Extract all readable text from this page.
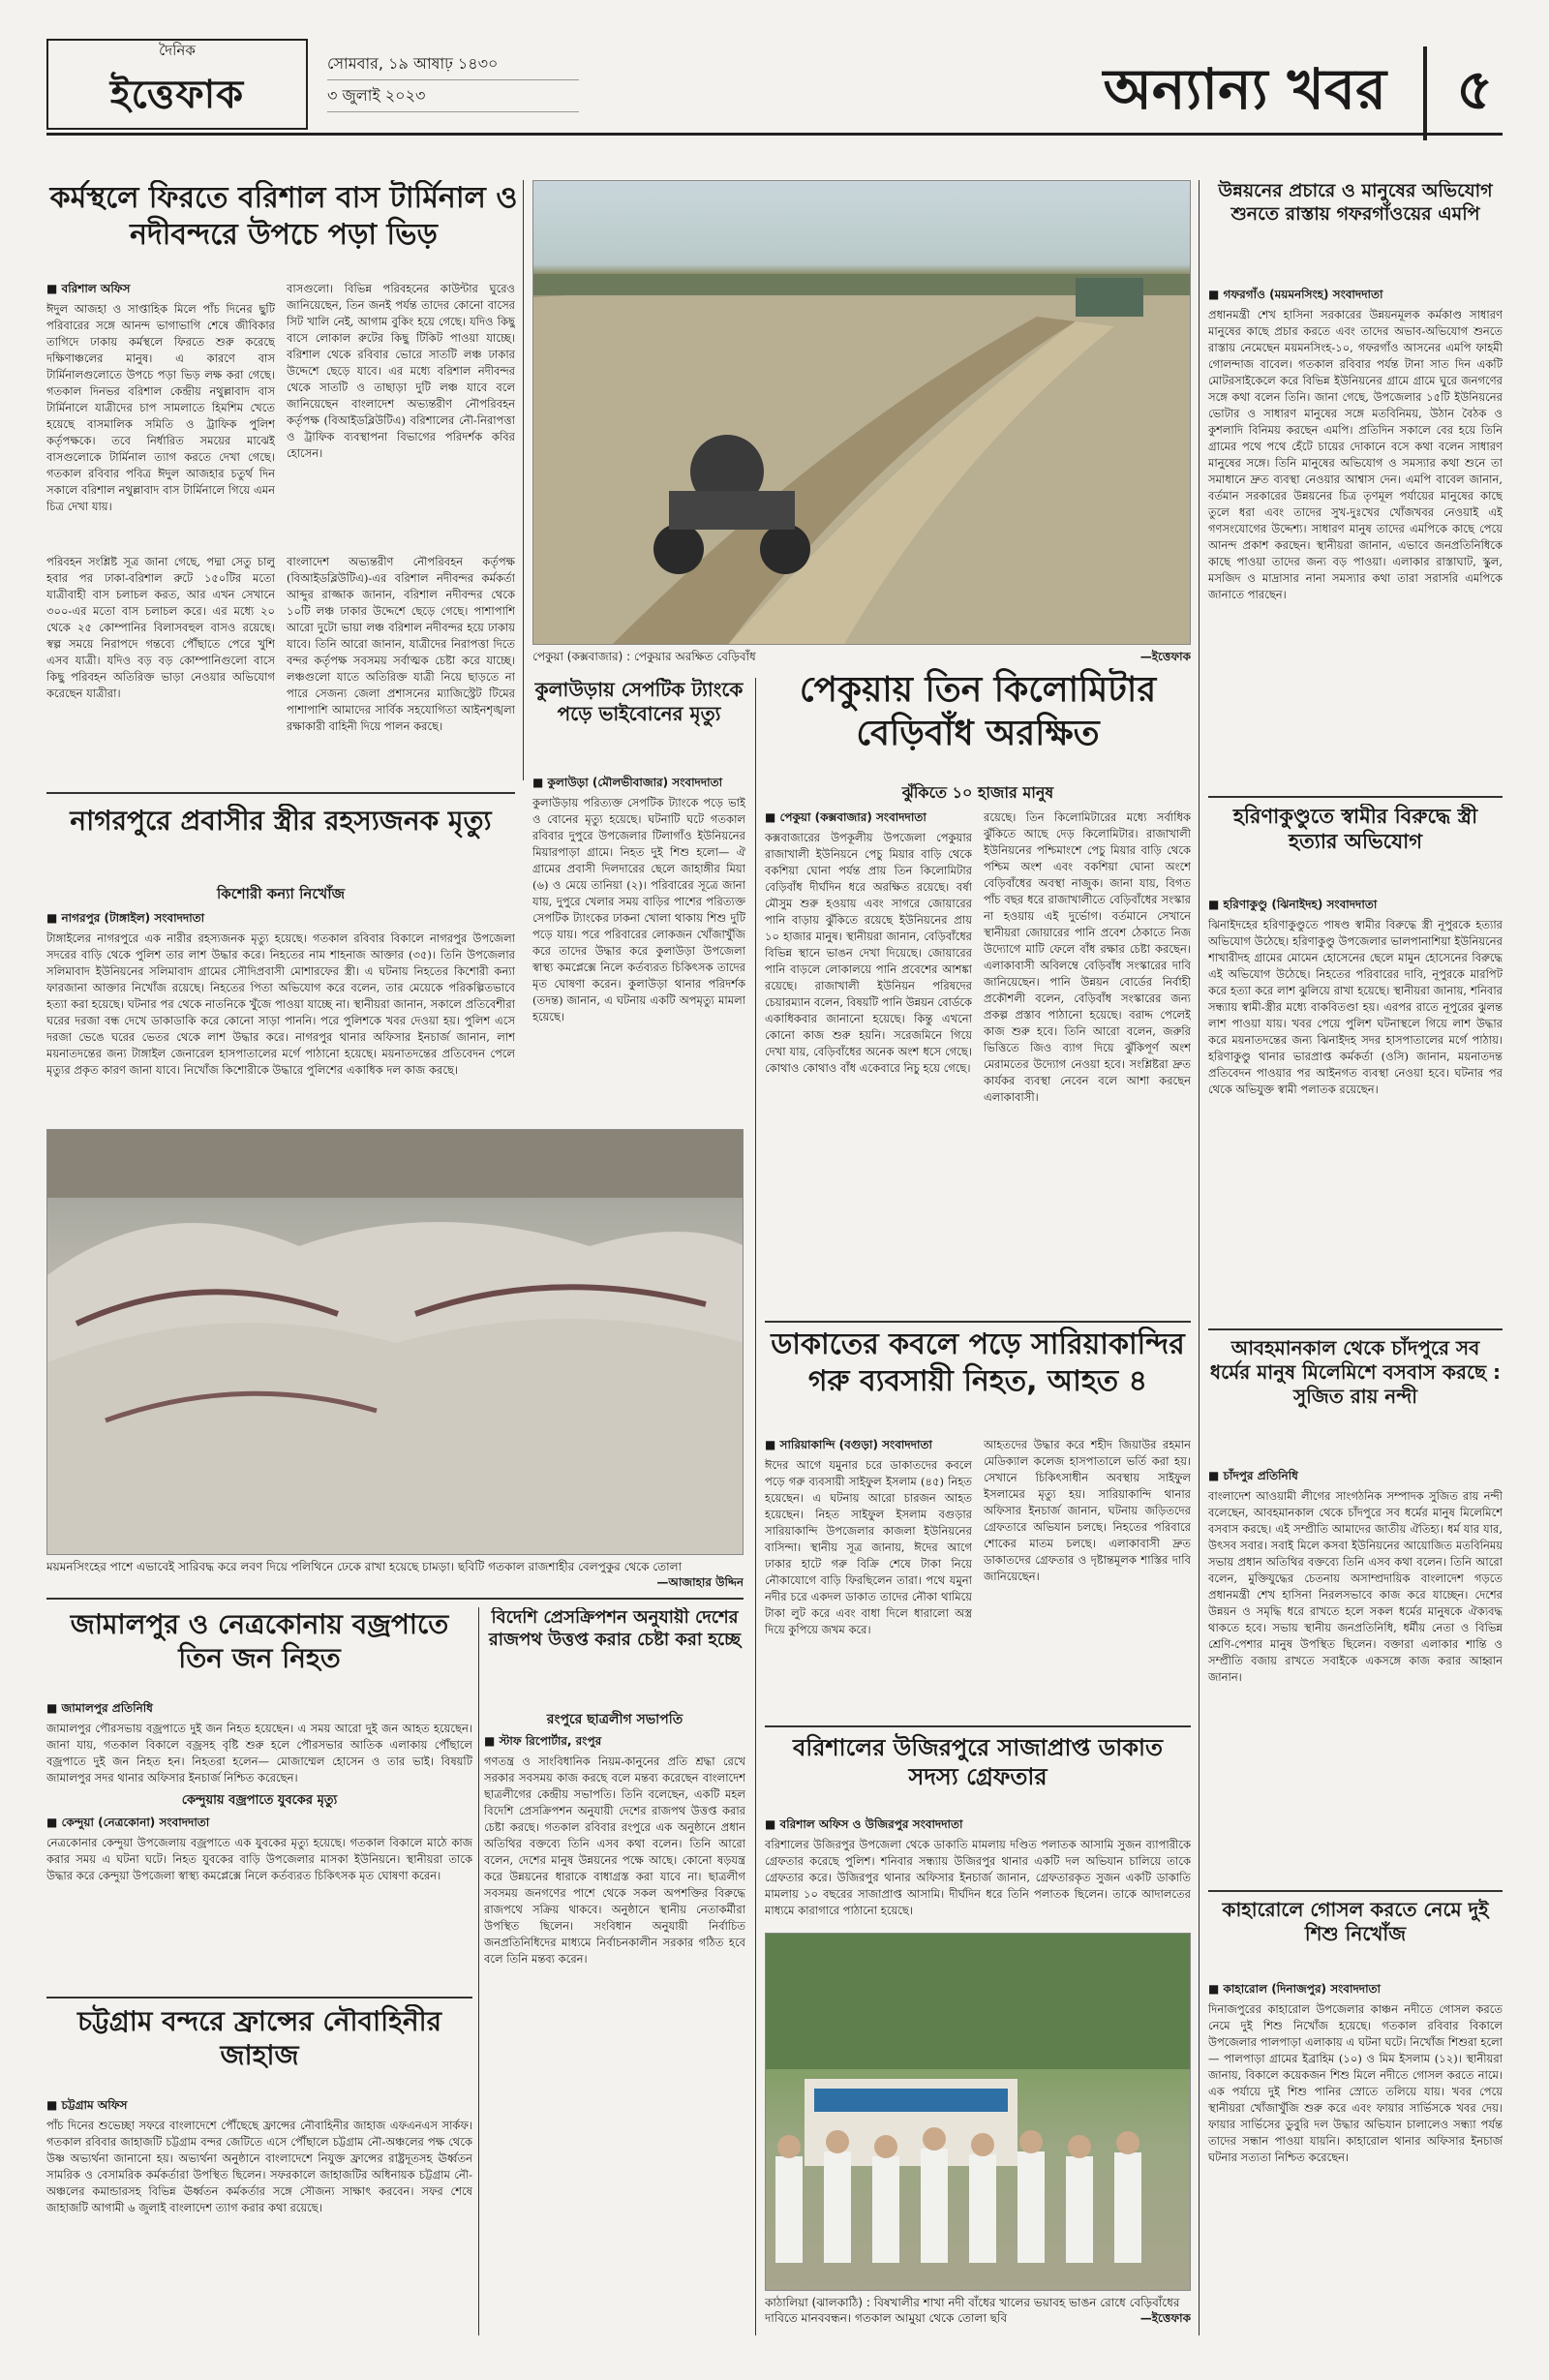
দৈনিক
ইত্তেফাক
সোমবার, ১৯ আষাঢ় ১৪৩০
৩ জুলাই ২০২৩	অন্যান্য খবর	৫
কর্মস্থলে ফিরতে বরিশাল বাস টার্মিনাল ও নদীবন্দরে উপচে পড়া ভিড়
■ বরিশাল অফিস

ঈদুল আজহা ও সাপ্তাহিক মিলে পাঁচ দিনের ছুটি পরিবারের সঙ্গে আনন্দ ভাগাভাগি শেষে জীবিকার তাগিদে ঢাকায় কর্মস্থলে ফিরতে শুরু করেছে দক্ষিণাঞ্চলের মানুষ। এ কারণে বাস টার্মিনালগুলোতে উপচে পড়া ভিড় লক্ষ করা গেছে। গতকাল দিনভর বরিশাল কেন্দ্রীয় নথুল্লাবাদ বাস টার্মিনালে যাত্রীদের চাপ সামলাতে হিমশিম খেতে হয়েছে বাসমালিক সমিতি ও ট্রাফিক পুলিশ কর্তৃপক্ষকে। তবে নির্ধারিত সময়ের মাঝেই বাসগুলোকে টার্মিনাল ত্যাগ করতে দেখা গেছে। গতকাল রবিবার পবিত্র ঈদুল আজহার চতুর্থ দিন সকালে বরিশাল নথুল্লাবাদ বাস টার্মিনালে গিয়ে এমন চিত্র দেখা যায়।

বাসগুলো। বিভিন্ন পরিবহনের কাউন্টার ঘুরেও জানিয়েছেন, তিন জনই পর্যন্ত তাদের কোনো বাসের সিট খালি নেই, আগাম বুকিং হয়ে গেছে। যদিও কিছু বাসে লোকাল রুটের কিছু টিকিট পাওয়া যাচ্ছে। বরিশাল থেকে রবিবার ভোরে সাতটি লঞ্চ ঢাকার উদ্দেশে ছেড়ে যাবে। এর মধ্যে বরিশাল নদীবন্দর থেকে সাতটি ও তাছাড়া দুটি লঞ্চ যাবে বলে জানিয়েছেন বাংলাদেশ অভ্যন্তরীণ নৌপরিবহন কর্তৃপক্ষ (বিআইডব্লিউটিএ) বরিশালের নৌ-নিরাপত্তা ও ট্রাফিক ব্যবস্থাপনা বিভাগের পরিদর্শক কবির হোসেন।

পরিবহন সংশ্লিষ্ট সূত্র জানা গেছে, পদ্মা সেতু চালু হবার পর ঢাকা-বরিশাল রুটে ১৫০টির মতো যাত্রীবাহী বাস চলাচল করত, আর এখন সেখানে ৩০০-এর মতো বাস চলাচল করে। এর মধ্যে ২০ থেকে ২৫ কোম্পানির বিলাসবহুল বাসও রয়েছে। স্বল্প সময়ে নিরাপদে গন্তব্যে পৌঁছাতে পেরে খুশি এসব যাত্রী। যদিও বড় বড় কোম্পানিগুলো বাসে কিছু পরিবহন অতিরিক্ত ভাড়া নেওয়ার অভিযোগ করেছেন যাত্রীরা।

বাংলাদেশ অভ্যন্তরীণ নৌপরিবহন কর্তৃপক্ষ (বিআইডব্লিউটিএ)-এর বরিশাল নদীবন্দর কর্মকর্তা আব্দুর রাজ্জাক জানান, বরিশাল নদীবন্দর থেকে ১০টি লঞ্চ ঢাকার উদ্দেশে ছেড়ে গেছে। পাশাপাশি আরো দুটো ভায়া লঞ্চ বরিশাল নদীবন্দর হয়ে ঢাকায় যাবে। তিনি আরো জানান, যাত্রীদের নিরাপত্তা দিতে বন্দর কর্তৃপক্ষ সবসময় সর্বাত্মক চেষ্টা করে যাচ্ছে। লঞ্চগুলো যাতে অতিরিক্ত যাত্রী নিয়ে ছাড়তে না পারে সেজন্য জেলা প্রশাসনের ম্যাজিস্ট্রেট টিমের পাশাপাশি আমাদের সার্বিক সহযোগিতা আইনশৃঙ্খলা রক্ষাকারী বাহিনী দিয়ে পালন করছে।

পেকুয়া (কক্সবাজার) : পেকুয়ার অরক্ষিত বেড়িবাঁধ	—ইত্তেফাক
উন্নয়নের প্রচারে ও মানুষের অভিযোগ শুনতে রাস্তায় গফরগাঁওয়ের এমপি
■ গফরগাঁও (ময়মনসিংহ) সংবাদদাতা

প্রধানমন্ত্রী শেখ হাসিনা সরকারের উন্নয়নমূলক কর্মকাণ্ড সাধারণ মানুষের কাছে প্রচার করতে এবং তাদের অভাব-অভিযোগ শুনতে রাস্তায় নেমেছেন ময়মনসিংহ-১০, গফরগাঁও আসনের এমপি ফাহমী গোলন্দাজ বাবেল। গতকাল রবিবার পর্যন্ত টানা সাত দিন একটি মোটরসাইকেলে করে বিভিন্ন ইউনিয়নের গ্রামে গ্রামে ঘুরে জনগণের সঙ্গে কথা বলেন তিনি। জানা গেছে, উপজেলার ১৫টি ইউনিয়নের ভোটার ও সাধারণ মানুষের সঙ্গে মতবিনিময়, উঠান বৈঠক ও কুশলাদি বিনিময় করছেন এমপি। প্রতিদিন সকালে বের হয়ে তিনি গ্রামের পথে পথে হেঁটে চায়ের দোকানে বসে কথা বলেন সাধারণ মানুষের সঙ্গে। তিনি মানুষের অভিযোগ ও সমস্যার কথা শুনে তা সমাধানে দ্রুত ব্যবস্থা নেওয়ার আশ্বাস দেন। এমপি বাবেল জানান, বর্তমান সরকারের উন্নয়নের চিত্র তৃণমূল পর্যায়ের মানুষের কাছে তুলে ধরা এবং তাদের সুখ-দুঃখের খোঁজখবর নেওয়াই এই গণসংযোগের উদ্দেশ্য। সাধারণ মানুষ তাদের এমপিকে কাছে পেয়ে আনন্দ প্রকাশ করছেন। স্থানীয়রা জানান, এভাবে জনপ্রতিনিধিকে কাছে পাওয়া তাদের জন্য বড় পাওয়া। এলাকার রাস্তাঘাট, স্কুল, মসজিদ ও মাদ্রাসার নানা সমস্যার কথা তারা সরাসরি এমপিকে জানাতে পারছেন।

কুলাউড়ায় সেপটিক ট্যাংকে পড়ে ভাইবোনের মৃত্যু
■ কুলাউড়া (মৌলভীবাজার) সংবাদদাতা

কুলাউড়ায় পরিত্যক্ত সেপটিক ট্যাংকে পড়ে ভাই ও বোনের মৃত্যু হয়েছে। ঘটনাটি ঘটে গতকাল রবিবার দুপুরে উপজেলার টিলাগাঁও ইউনিয়নের মিয়ারপাড়া গ্রামে। নিহত দুই শিশু হলো— ঐ গ্রামের প্রবাসী দিলদারের ছেলে জাহাঙ্গীর মিয়া (৬) ও মেয়ে তানিয়া (২)। পরিবারের সূত্রে জানা যায়, দুপুরে খেলার সময় বাড়ির পাশের পরিত্যক্ত সেপটিক ট্যাংকের ঢাকনা খোলা থাকায় শিশু দুটি পড়ে যায়। পরে পরিবারের লোকজন খোঁজাখুঁজি করে তাদের উদ্ধার করে কুলাউড়া উপজেলা স্বাস্থ্য কমপ্লেক্সে নিলে কর্তব্যরত চিকিৎসক তাদের মৃত ঘোষণা করেন। কুলাউড়া থানার পরিদর্শক (তদন্ত) জানান, এ ঘটনায় একটি অপমৃত্যু মামলা হয়েছে।

পেকুয়ায় তিন কিলোমিটার বেড়িবাঁধ অরক্ষিত
ঝুঁকিতে ১০ হাজার মানুষ
■ পেকুয়া (কক্সবাজার) সংবাদদাতা

কক্সবাজারের উপকূলীয় উপজেলা পেকুয়ার রাজাখালী ইউনিয়নে পেচু মিয়ার বাড়ি থেকে বকশিয়া ঘোনা পর্যন্ত প্রায় তিন কিলোমিটার বেড়িবাঁধ দীর্ঘদিন ধরে অরক্ষিত রয়েছে। বর্ষা মৌসুম শুরু হওয়ায় এবং সাগরে জোয়ারের পানি বাড়ায় ঝুঁকিতে রয়েছে ইউনিয়নের প্রায় ১০ হাজার মানুষ। স্থানীয়রা জানান, বেড়িবাঁধের বিভিন্ন স্থানে ভাঙন দেখা দিয়েছে। জোয়ারের পানি বাড়লে লোকালয়ে পানি প্রবেশের আশঙ্কা রয়েছে। রাজাখালী ইউনিয়ন পরিষদের চেয়ারম্যান বলেন, বিষয়টি পানি উন্নয়ন বোর্ডকে একাধিকবার জানানো হয়েছে। কিন্তু এখনো কোনো কাজ শুরু হয়নি। সরেজমিনে গিয়ে দেখা যায়, বেড়িবাঁধের অনেক অংশ ধসে গেছে। কোথাও কোথাও বাঁধ একেবারে নিচু হয়ে গেছে।

রয়েছে। তিন কিলোমিটারের মধ্যে সর্বাধিক ঝুঁকিতে আছে দেড় কিলোমিটার। রাজাখালী ইউনিয়নের পশ্চিমাংশে পেচু মিয়ার বাড়ি থেকে পশ্চিম অংশ এবং বকশিয়া ঘোনা অংশে বেড়িবাঁধের অবস্থা নাজুক। জানা যায়, বিগত পাঁচ বছর ধরে রাজাখালীতে বেড়িবাঁধের সংস্কার না হওয়ায় এই দুর্ভোগ। বর্তমানে সেখানে স্থানীয়রা জোয়ারের পানি প্রবেশ ঠেকাতে নিজ উদ্যোগে মাটি ফেলে বাঁধ রক্ষার চেষ্টা করছেন। এলাকাবাসী অবিলম্বে বেড়িবাঁধ সংস্কারের দাবি জানিয়েছেন। পানি উন্নয়ন বোর্ডের নির্বাহী প্রকৌশলী বলেন, বেড়িবাঁধ সংস্কারের জন্য প্রকল্প প্রস্তাব পাঠানো হয়েছে। বরাদ্দ পেলেই কাজ শুরু হবে। তিনি আরো বলেন, জরুরি ভিত্তিতে জিও ব্যাগ দিয়ে ঝুঁকিপূর্ণ অংশ মেরামতের উদ্যোগ নেওয়া হবে। সংশ্লিষ্টরা দ্রুত কার্যকর ব্যবস্থা নেবেন বলে আশা করছেন এলাকাবাসী।

হরিণাকুণ্ডুতে স্বামীর বিরুদ্ধে স্ত্রী হত্যার অভিযোগ
■ হরিণাকুণ্ডু (ঝিনাইদহ) সংবাদদাতা

ঝিনাইদহের হরিণাকুণ্ডুতে পাষণ্ড স্বামীর বিরুদ্ধে স্ত্রী নূপুরকে হত্যার অভিযোগ উঠেছে। হরিণাকুণ্ডু উপজেলার ভালপানাশিয়া ইউনিয়নের শাখারীদহ গ্রামের মোমেন হোসেনের ছেলে মামুন হোসেনের বিরুদ্ধে এই অভিযোগ উঠেছে। নিহতের পরিবারের দাবি, নূপুরকে মারপিট করে হত্যা করে লাশ ঝুলিয়ে রাখা হয়েছে। স্থানীয়রা জানায়, শনিবার সন্ধ্যায় স্বামী-স্ত্রীর মধ্যে বাকবিতণ্ডা হয়। এরপর রাতে নূপুরের ঝুলন্ত লাশ পাওয়া যায়। খবর পেয়ে পুলিশ ঘটনাস্থলে গিয়ে লাশ উদ্ধার করে ময়নাতদন্তের জন্য ঝিনাইদহ সদর হাসপাতালের মর্গে পাঠায়। হরিণাকুণ্ডু থানার ভারপ্রাপ্ত কর্মকর্তা (ওসি) জানান, ময়নাতদন্ত প্রতিবেদন পাওয়ার পর আইনগত ব্যবস্থা নেওয়া হবে। ঘটনার পর থেকে অভিযুক্ত স্বামী পলাতক রয়েছেন।

নাগরপুরে প্রবাসীর স্ত্রীর রহস্যজনক মৃত্যু
কিশোরী কন্যা নিখোঁজ
■ নাগরপুর (টাঙ্গাইল) সংবাদদাতা

টাঙ্গাইলের নাগরপুরে এক নারীর রহস্যজনক মৃত্যু হয়েছে। গতকাল রবিবার বিকালে নাগরপুর উপজেলা সদরের বাড়ি থেকে পুলিশ তার লাশ উদ্ধার করে। নিহতের নাম শাহনাজ আক্তার (৩৫)। তিনি উপজেলার সলিমাবাদ ইউনিয়নের সলিমাবাদ গ্রামের সৌদিপ্রবাসী মোশারফের স্ত্রী। এ ঘটনায় নিহতের কিশোরী কন্যা ফারজানা আক্তার নিখোঁজ রয়েছে। নিহতের পিতা অভিযোগ করে বলেন, তার মেয়েকে পরিকল্পিতভাবে হত্যা করা হয়েছে। ঘটনার পর থেকে নাতনিকে খুঁজে পাওয়া যাচ্ছে না। স্থানীয়রা জানান, সকালে প্রতিবেশীরা ঘরের দরজা বন্ধ দেখে ডাকাডাকি করে কোনো সাড়া পাননি। পরে পুলিশকে খবর দেওয়া হয়। পুলিশ এসে দরজা ভেঙে ঘরের ভেতর থেকে লাশ উদ্ধার করে। নাগরপুর থানার অফিসার ইনচার্জ জানান, লাশ ময়নাতদন্তের জন্য টাঙ্গাইল জেনারেল হাসপাতালের মর্গে পাঠানো হয়েছে। ময়নাতদন্তের প্রতিবেদন পেলে মৃত্যুর প্রকৃত কারণ জানা যাবে। নিখোঁজ কিশোরীকে উদ্ধারে পুলিশের একাধিক দল কাজ করছে।

ময়মনসিংহের পাশে এভাবেই সারিবদ্ধ করে লবণ দিয়ে পলিথিনে ঢেকে রাখা হয়েছে চামড়া। ছবিটি গতকাল রাজশাহীর বেলপুকুর থেকে তোলা
—আজাহার উদ্দিন
ডাকাতের কবলে পড়ে সারিয়াকান্দির গরু ব্যবসায়ী নিহত, আহত ৪
■ সারিয়াকান্দি (বগুড়া) সংবাদদাতা

ঈদের আগে যমুনার চরে ডাকাতদের কবলে পড়ে গরু ব্যবসায়ী সাইফুল ইসলাম (৪৫) নিহত হয়েছেন। এ ঘটনায় আরো চারজন আহত হয়েছেন। নিহত সাইফুল ইসলাম বগুড়ার সারিয়াকান্দি উপজেলার কাজলা ইউনিয়নের বাসিন্দা। স্থানীয় সূত্র জানায়, ঈদের আগে ঢাকার হাটে গরু বিক্রি শেষে টাকা নিয়ে নৌকাযোগে বাড়ি ফিরছিলেন তারা। পথে যমুনা নদীর চরে একদল ডাকাত তাদের নৌকা থামিয়ে টাকা লুট করে এবং বাধা দিলে ধারালো অস্ত্র দিয়ে কুপিয়ে জখম করে।

আহতদের উদ্ধার করে শহীদ জিয়াউর রহমান মেডিক্যাল কলেজ হাসপাতালে ভর্তি করা হয়। সেখানে চিকিৎসাধীন অবস্থায় সাইফুল ইসলামের মৃত্যু হয়। সারিয়াকান্দি থানার অফিসার ইনচার্জ জানান, ঘটনায় জড়িতদের গ্রেফতারে অভিযান চলছে। নিহতের পরিবারে শোকের মাতম চলছে। এলাকাবাসী দ্রুত ডাকাতদের গ্রেফতার ও দৃষ্টান্তমূলক শাস্তির দাবি জানিয়েছেন।

আবহমানকাল থেকে চাঁদপুরে সব ধর্মের মানুষ মিলেমিশে বসবাস করছে : সুজিত রায় নন্দী
■ চাঁদপুর প্রতিনিধি

বাংলাদেশ আওয়ামী লীগের সাংগঠনিক সম্পাদক সুজিত রায় নন্দী বলেছেন, আবহমানকাল থেকে চাঁদপুরে সব ধর্মের মানুষ মিলেমিশে বসবাস করছে। এই সম্প্রীতি আমাদের জাতীয় ঐতিহ্য। ধর্ম যার যার, উৎসব সবার। সবাই মিলে কসবা ইউনিয়নের আয়োজিত মতবিনিময় সভায় প্রধান অতিথির বক্তব্যে তিনি এসব কথা বলেন। তিনি আরো বলেন, মুক্তিযুদ্ধের চেতনায় অসাম্প্রদায়িক বাংলাদেশ গড়তে প্রধানমন্ত্রী শেখ হাসিনা নিরলসভাবে কাজ করে যাচ্ছেন। দেশের উন্নয়ন ও সমৃদ্ধি ধরে রাখতে হলে সকল ধর্মের মানুষকে ঐক্যবদ্ধ থাকতে হবে। সভায় স্থানীয় জনপ্রতিনিধি, ধর্মীয় নেতা ও বিভিন্ন শ্রেণি-পেশার মানুষ উপস্থিত ছিলেন। বক্তারা এলাকার শান্তি ও সম্প্রীতি বজায় রাখতে সবাইকে একসঙ্গে কাজ করার আহ্বান জানান।

জামালপুর ও নেত্রকোনায় বজ্রপাতে তিন জন নিহত
■ জামালপুর প্রতিনিধি

জামালপুর পৌরসভায় বজ্রপাতে দুই জন নিহত হয়েছেন। এ সময় আরো দুই জন আহত হয়েছেন। জানা যায়, গতকাল বিকালে বজ্রসহ বৃষ্টি শুরু হলে পৌরসভার আতিক এলাকায় পৌঁছালে বজ্রপাতে দুই জন নিহত হন। নিহতরা হলেন— মোজাম্মেল হোসেন ও তার ভাই। বিষয়টি জামালপুর সদর থানার অফিসার ইনচার্জ নিশ্চিত করেছেন।

কেন্দুয়ায় বজ্রপাতে যুবকের মৃত্যু
■ কেন্দুয়া (নেত্রকোনা) সংবাদদাতা

নেত্রকোনার কেন্দুয়া উপজেলায় বজ্রপাতে এক যুবকের মৃত্যু হয়েছে। গতকাল বিকালে মাঠে কাজ করার সময় এ ঘটনা ঘটে। নিহত যুবকের বাড়ি উপজেলার মাসকা ইউনিয়নে। স্থানীয়রা তাকে উদ্ধার করে কেন্দুয়া উপজেলা স্বাস্থ্য কমপ্লেক্সে নিলে কর্তব্যরত চিকিৎসক মৃত ঘোষণা করেন।

বিদেশি প্রেসক্রিপশন অনুযায়ী দেশের রাজপথ উত্তপ্ত করার চেষ্টা করা হচ্ছে
রংপুরে ছাত্রলীগ সভাপতি
■ স্টাফ রিপোর্টার, রংপুর

গণতন্ত্র ও সাংবিধানিক নিয়ম-কানুনের প্রতি শ্রদ্ধা রেখে সরকার সবসময় কাজ করছে বলে মন্তব্য করেছেন বাংলাদেশ ছাত্রলীগের কেন্দ্রীয় সভাপতি। তিনি বলেছেন, একটি মহল বিদেশি প্রেসক্রিপশন অনুযায়ী দেশের রাজপথ উত্তপ্ত করার চেষ্টা করছে। গতকাল রবিবার রংপুরে এক অনুষ্ঠানে প্রধান অতিথির বক্তব্যে তিনি এসব কথা বলেন। তিনি আরো বলেন, দেশের মানুষ উন্নয়নের পক্ষে আছে। কোনো ষড়যন্ত্র করে উন্নয়নের ধারাকে বাধাগ্রস্ত করা যাবে না। ছাত্রলীগ সবসময় জনগণের পাশে থেকে সকল অপশক্তির বিরুদ্ধে রাজপথে সক্রিয় থাকবে। অনুষ্ঠানে স্থানীয় নেতাকর্মীরা উপস্থিত ছিলেন। সংবিধান অনুযায়ী নির্বাচিত জনপ্রতিনিধিদের মাধ্যমে নির্বাচনকালীন সরকার গঠিত হবে বলে তিনি মন্তব্য করেন।

বরিশালের উজিরপুরে সাজাপ্রাপ্ত ডাকাত সদস্য গ্রেফতার
■ বরিশাল অফিস ও উজিরপুর সংবাদদাতা

বরিশালের উজিরপুর উপজেলা থেকে ডাকাতি মামলায় দণ্ডিত পলাতক আসামি সুজন ব্যাপারীকে গ্রেফতার করেছে পুলিশ। শনিবার সন্ধ্যায় উজিরপুর থানার একটি দল অভিযান চালিয়ে তাকে গ্রেফতার করে। উজিরপুর থানার অফিসার ইনচার্জ জানান, গ্রেফতারকৃত সুজন একটি ডাকাতি মামলায় ১০ বছরের সাজাপ্রাপ্ত আসামি। দীর্ঘদিন ধরে তিনি পলাতক ছিলেন। তাকে আদালতের মাধ্যমে কারাগারে পাঠানো হয়েছে।

কাঠালিয়া (ঝালকাঠি) : বিষখালীর শাখা নদী বাঁধের খালের ভয়াবহ ভাঙন রোধে বেড়িবাঁধের দাবিতে মানববন্ধন। গতকাল আমুয়া থেকে তোলা ছবি	—ইত্তেফাক
কাহারোলে গোসল করতে নেমে দুই শিশু নিখোঁজ
■ কাহারোল (দিনাজপুর) সংবাদদাতা

দিনাজপুরের কাহারোল উপজেলার কাঞ্চন নদীতে গোসল করতে নেমে দুই শিশু নিখোঁজ হয়েছে। গতকাল রবিবার বিকালে উপজেলার পালপাড়া এলাকায় এ ঘটনা ঘটে। নিখোঁজ শিশুরা হলো— পালপাড়া গ্রামের ইব্রাহিম (১০) ও মিম ইসলাম (১২)। স্থানীয়রা জানায়, বিকালে কয়েকজন শিশু মিলে নদীতে গোসল করতে নামে। এক পর্যায়ে দুই শিশু পানির স্রোতে তলিয়ে যায়। খবর পেয়ে স্থানীয়রা খোঁজাখুঁজি শুরু করে এবং ফায়ার সার্ভিসকে খবর দেয়। ফায়ার সার্ভিসের ডুবুরি দল উদ্ধার অভিযান চালালেও সন্ধ্যা পর্যন্ত তাদের সন্ধান পাওয়া যায়নি। কাহারোল থানার অফিসার ইনচার্জ ঘটনার সত্যতা নিশ্চিত করেছেন।

চট্টগ্রাম বন্দরে ফ্রান্সের নৌবাহিনীর জাহাজ
■ চট্টগ্রাম অফিস

পাঁচ দিনের শুভেচ্ছা সফরে বাংলাদেশে পৌঁছেছে ফ্রান্সের নৌবাহিনীর জাহাজ এফএনএস সার্কফ। গতকাল রবিবার জাহাজটি চট্টগ্রাম বন্দর জেটিতে এসে পৌঁছালে চট্টগ্রাম নৌ-অঞ্চলের পক্ষ থেকে উষ্ণ অভ্যর্থনা জানানো হয়। অভ্যর্থনা অনুষ্ঠানে বাংলাদেশে নিযুক্ত ফ্রান্সের রাষ্ট্রদূতসহ ঊর্ধ্বতন সামরিক ও বেসামরিক কর্মকর্তারা উপস্থিত ছিলেন। সফরকালে জাহাজটির অধিনায়ক চট্টগ্রাম নৌ-অঞ্চলের কমান্ডারসহ বিভিন্ন ঊর্ধ্বতন কর্মকর্তার সঙ্গে সৌজন্য সাক্ষাৎ করবেন। সফর শেষে জাহাজটি আগামী ৬ জুলাই বাংলাদেশ ত্যাগ করার কথা রয়েছে।
